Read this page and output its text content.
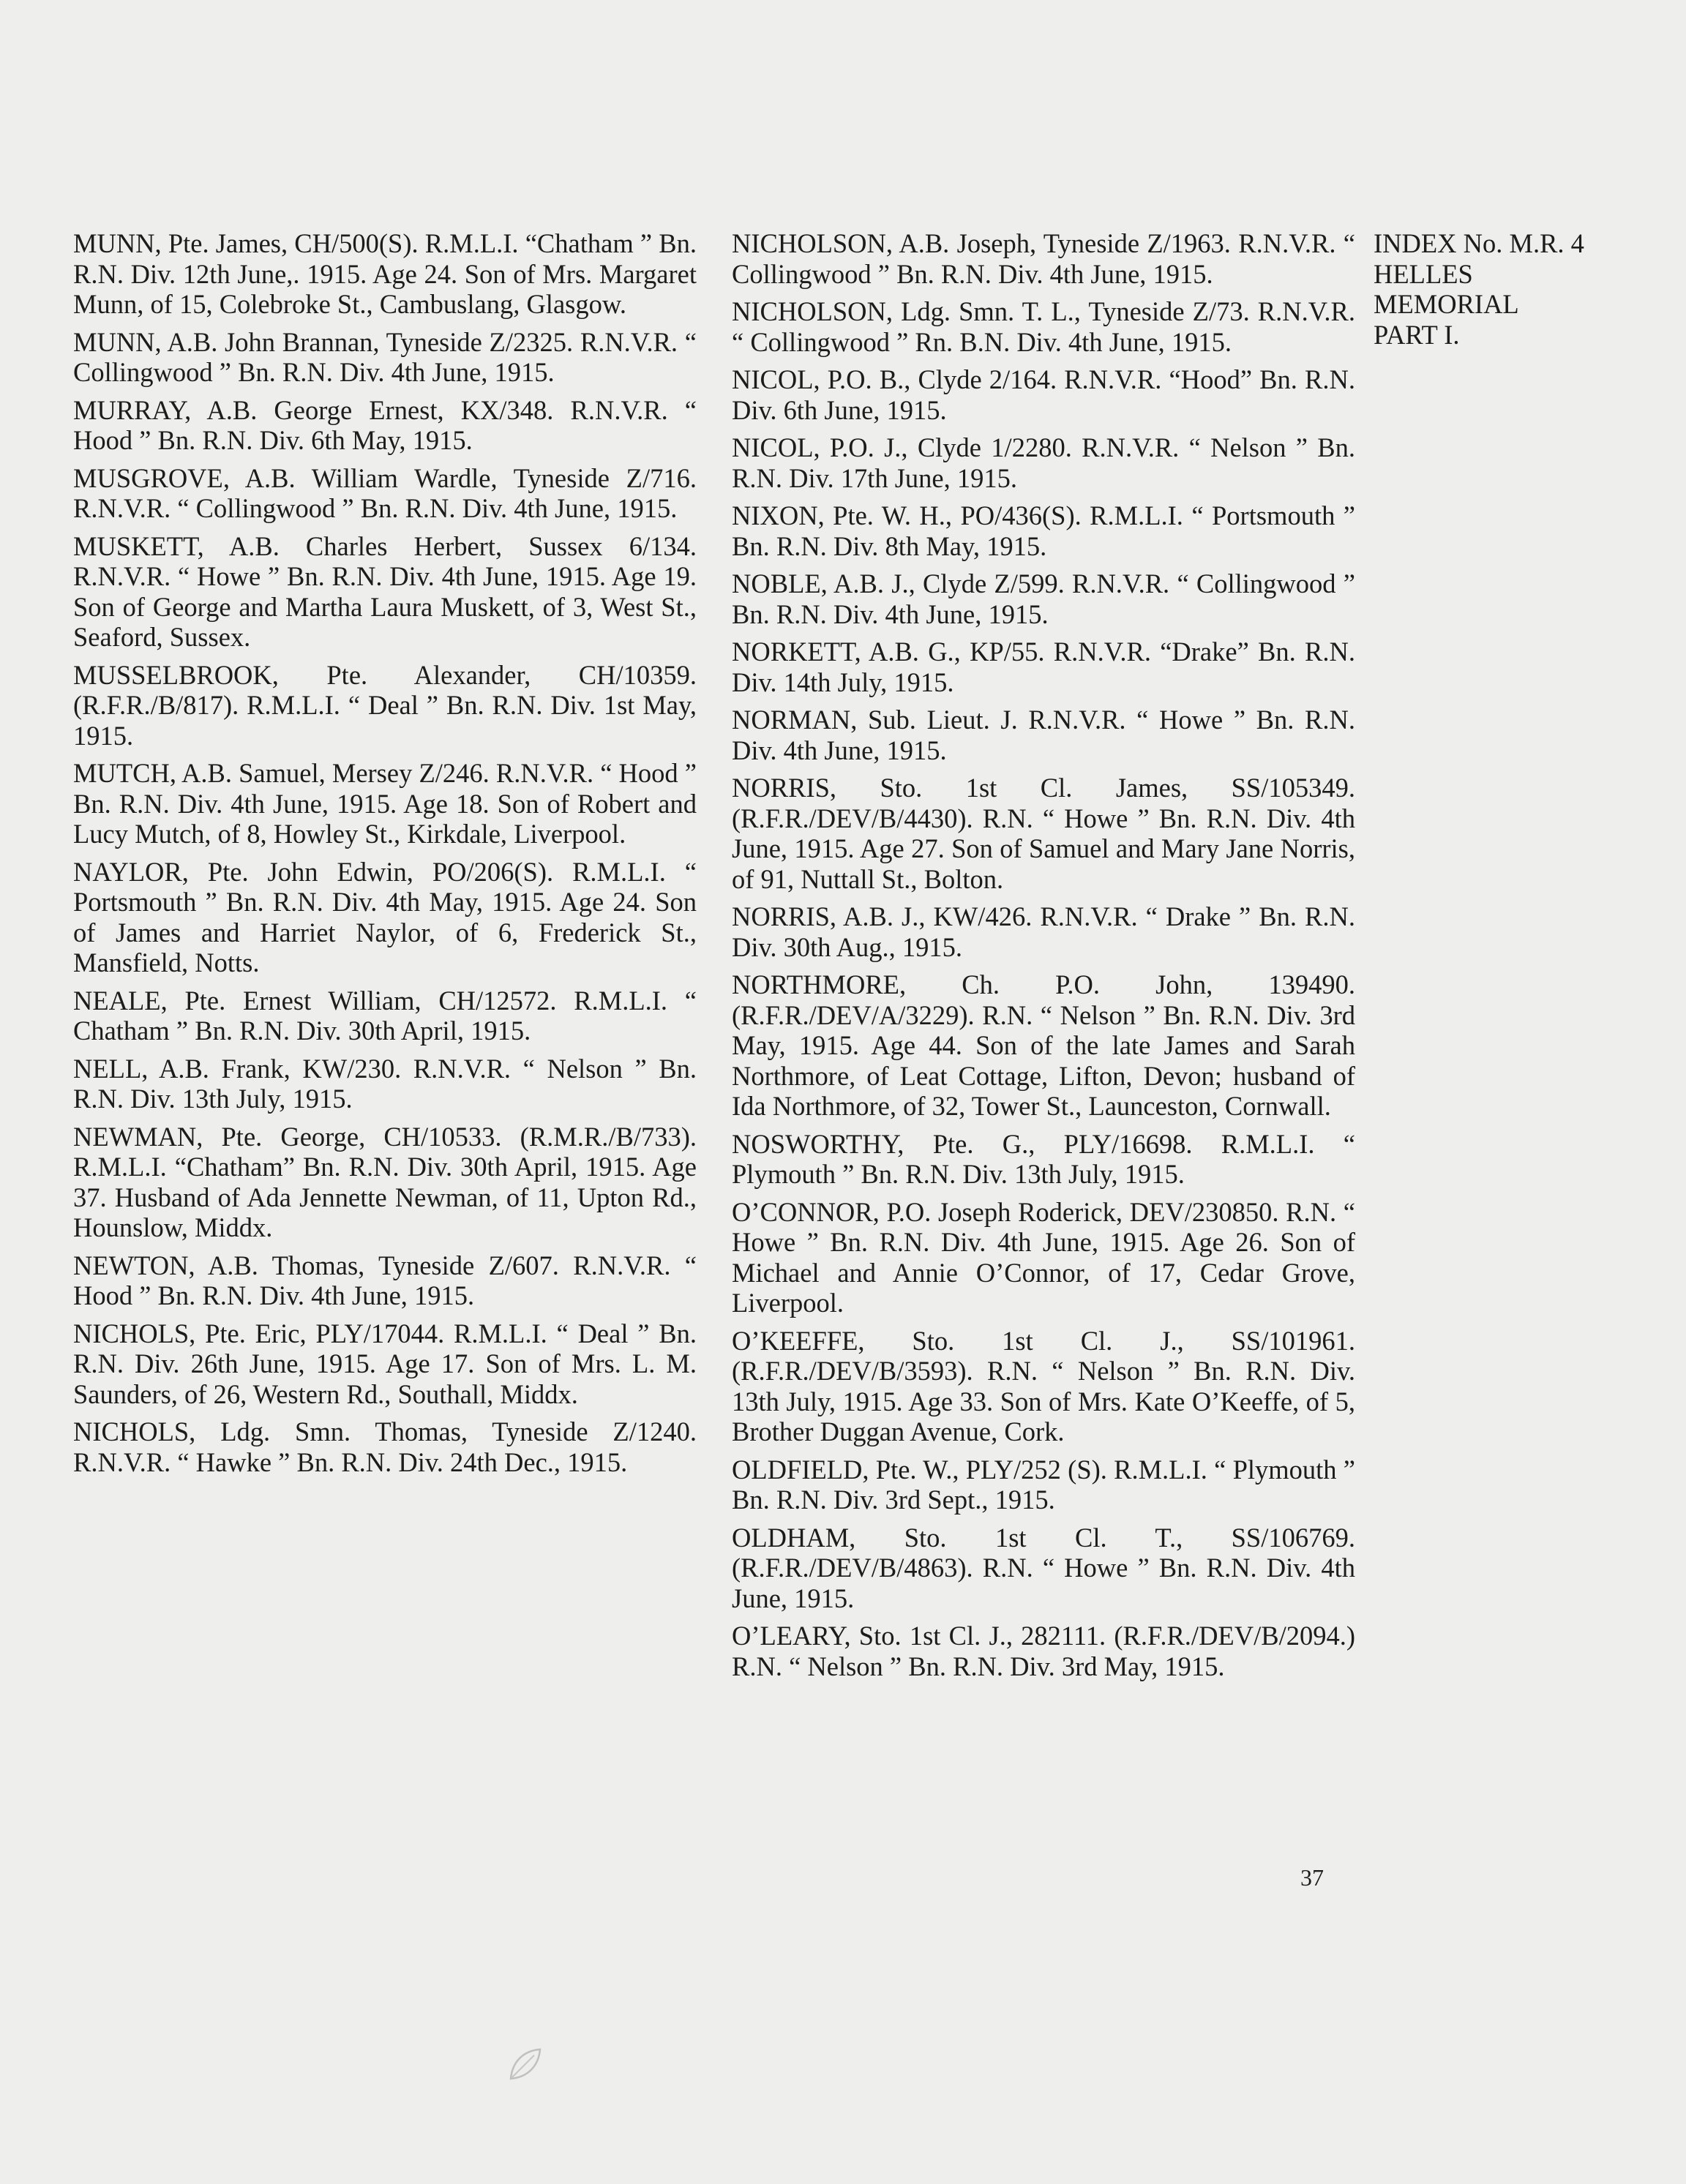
MUNN, Pte. James, CH/500(S). R.M.L.I. “Chatham ” Bn. R.N. Div. 12th June,. 1915. Age 24. Son of Mrs. Margaret Munn, of 15, Colebroke St., Cambuslang, Glasgow.

MUNN, A.B. John Brannan, Tyneside Z/2325. R.N.V.R. “ Collingwood ” Bn. R.N. Div. 4th June, 1915.

MURRAY, A.B. George Ernest, KX/348. R.N.V.R. “ Hood ” Bn. R.N. Div. 6th May, 1915.

MUSGROVE, A.B. William Wardle, Tyneside Z/716. R.N.V.R. “ Collingwood ” Bn. R.N. Div. 4th June, 1915.

MUSKETT, A.B. Charles Herbert, Sussex 6/134. R.N.V.R. “ Howe ” Bn. R.N. Div. 4th June, 1915. Age 19. Son of George and Martha Laura Muskett, of 3, West St., Seaford, Sussex.

MUSSELBROOK, Pte. Alexander, CH/10359. (R.F.R./B/817). R.M.L.I. “ Deal ” Bn. R.N. Div. 1st May, 1915.

MUTCH, A.B. Samuel, Mersey Z/246. R.N.V.R. “ Hood ” Bn. R.N. Div. 4th June, 1915. Age 18. Son of Robert and Lucy Mutch, of 8, Howley St., Kirkdale, Liverpool.

NAYLOR, Pte. John Edwin, PO/206(S). R.M.L.I. “ Portsmouth ” Bn. R.N. Div. 4th May, 1915. Age 24. Son of James and Harriet Naylor, of 6, Frederick St., Mansfield, Notts.

NEALE, Pte. Ernest William, CH/12572. R.M.L.I. “ Chatham ” Bn. R.N. Div. 30th April, 1915.

NELL, A.B. Frank, KW/230. R.N.V.R. “ Nelson ” Bn. R.N. Div. 13th July, 1915.

NEWMAN, Pte. George, CH/10533. (R.M.R./B/733). R.M.L.I. “Chatham” Bn. R.N. Div. 30th April, 1915. Age 37. Husband of Ada Jennette Newman, of 11, Upton Rd., Hounslow, Middx.

NEWTON, A.B. Thomas, Tyneside Z/607. R.N.V.R. “ Hood ” Bn. R.N. Div. 4th June, 1915.

NICHOLS, Pte. Eric, PLY/17044. R.M.L.I. “ Deal ” Bn. R.N. Div. 26th June, 1915. Age 17. Son of Mrs. L. M. Saunders, of 26, Western Rd., Southall, Middx.

NICHOLS, Ldg. Smn. Thomas, Tyneside Z/1240. R.N.V.R. “ Hawke ” Bn. R.N. Div. 24th Dec., 1915.

NICHOLSON, A.B. Joseph, Tyneside Z/1963. R.N.V.R. “ Collingwood ” Bn. R.N. Div. 4th June, 1915.

NICHOLSON, Ldg. Smn. T. L., Tyneside Z/73. R.N.V.R. “ Collingwood ” Rn. B.N. Div. 4th June, 1915.

NICOL, P.O. B., Clyde 2/164. R.N.V.R. “Hood” Bn. R.N. Div. 6th June, 1915.

NICOL, P.O. J., Clyde 1/2280. R.N.V.R. “ Nelson ” Bn. R.N. Div. 17th June, 1915.

NIXON, Pte. W. H., PO/436(S). R.M.L.I. “ Portsmouth ” Bn. R.N. Div. 8th May, 1915.

NOBLE, A.B. J., Clyde Z/599. R.N.V.R. “ Collingwood ” Bn. R.N. Div. 4th June, 1915.

NORKETT, A.B. G., KP/55. R.N.V.R. “Drake” Bn. R.N. Div. 14th July, 1915.

NORMAN, Sub. Lieut. J. R.N.V.R. “ Howe ” Bn. R.N. Div. 4th June, 1915.

NORRIS, Sto. 1st Cl. James, SS/105349. (R.F.R./DEV/B/4430). R.N. “ Howe ” Bn. R.N. Div. 4th June, 1915. Age 27. Son of Samuel and Mary Jane Norris, of 91, Nuttall St., Bolton.

NORRIS, A.B. J., KW/426. R.N.V.R. “ Drake ” Bn. R.N. Div. 30th Aug., 1915.

NORTHMORE, Ch. P.O. John, 139490. (R.F.R./DEV/A/3229). R.N. “ Nelson ” Bn. R.N. Div. 3rd May, 1915. Age 44. Son of the late James and Sarah Northmore, of Leat Cottage, Lifton, Devon; husband of Ida Northmore, of 32, Tower St., Launceston, Cornwall.

NOSWORTHY, Pte. G., PLY/16698. R.M.L.I. “ Plymouth ” Bn. R.N. Div. 13th July, 1915.

O’CONNOR, P.O. Joseph Roderick, DEV/230850. R.N. “ Howe ” Bn. R.N. Div. 4th June, 1915. Age 26. Son of Michael and Annie O’Connor, of 17, Cedar Grove, Liverpool.

O’KEEFFE, Sto. 1st Cl. J., SS/101961. (R.F.R./DEV/B/3593). R.N. “ Nelson ” Bn. R.N. Div. 13th July, 1915. Age 33. Son of Mrs. Kate O’Keeffe, of 5, Brother Duggan Avenue, Cork.

OLDFIELD, Pte. W., PLY/252 (S). R.M.L.I. “ Plymouth ” Bn. R.N. Div. 3rd Sept., 1915.

OLDHAM, Sto. 1st Cl. T., SS/106769. (R.F.R./DEV/B/4863). R.N. “ Howe ” Bn. R.N. Div. 4th June, 1915.

O’LEARY, Sto. 1st Cl. J., 282111. (R.F.R./DEV/B/2094.) R.N. “ Nelson ” Bn. R.N. Div. 3rd May, 1915.

INDEX No. M.R. 4
HELLES
MEMORIAL
PART I.
37
